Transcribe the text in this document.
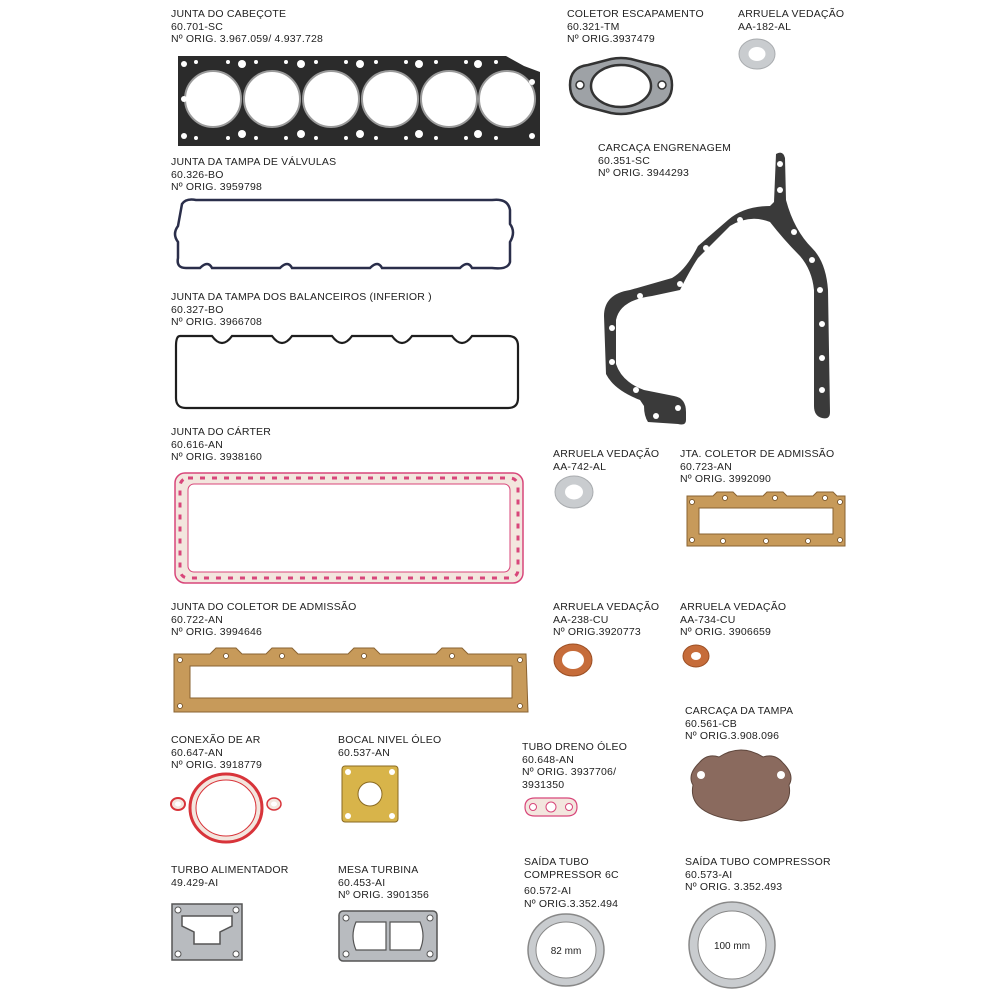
JUNTA DO CABEÇOTE
60.701-SC
Nº ORIG. 3.967.059/ 4.937.728
COLETOR ESCAPAMENTO
60.321-TM
Nº ORIG.3937479
ARRUELA VEDAÇÃO
AA-182-AL
JUNTA DA TAMPA DE VÁLVULAS
60.326-BO
Nº ORIG. 3959798
CARCAÇA ENGRENAGEM
60.351-SC
Nº ORIG. 3944293
JUNTA DA TAMPA DOS BALANCEIROS (INFERIOR )
60.327-BO
Nº ORIG. 3966708
JUNTA DO CÁRTER
60.616-AN
Nº ORIG. 3938160	ARRUELA VEDAÇÃO
AA-742-AL
JTA. COLETOR DE ADMISSÃO
60.723-AN
Nº ORIG. 3992090
JUNTA DO COLETOR DE ADMISSÃO
60.722-AN
Nº ORIG. 3994646
ARRUELA VEDAÇÃO
AA-238-CU
Nº ORIG.3920773
ARRUELA VEDAÇÃO
AA-734-CU
Nº ORIG. 3906659
CARCAÇA DA TAMPA
60.561-CB
Nº ORIG.3.908.096
CONEXÃO DE AR
60.647-AN
Nº ORIG. 3918779
BOCAL NIVEL ÓLEO
60.537-AN	TUBO DRENO ÓLEO
60.648-AN
Nº ORIG. 3937706/
3931350
TURBO ALIMENTADOR
49.429-AI
MESA TURBINA
60.453-AI
Nº ORIG. 3901356
SAÍDA TUBO
COMPRESSOR 6C
60.572-AI
Nº ORIG.3.352.494
82 mm
SAÍDA TUBO COMPRESSOR
60.573-AI
Nº ORIG. 3.352.493
100 mm
